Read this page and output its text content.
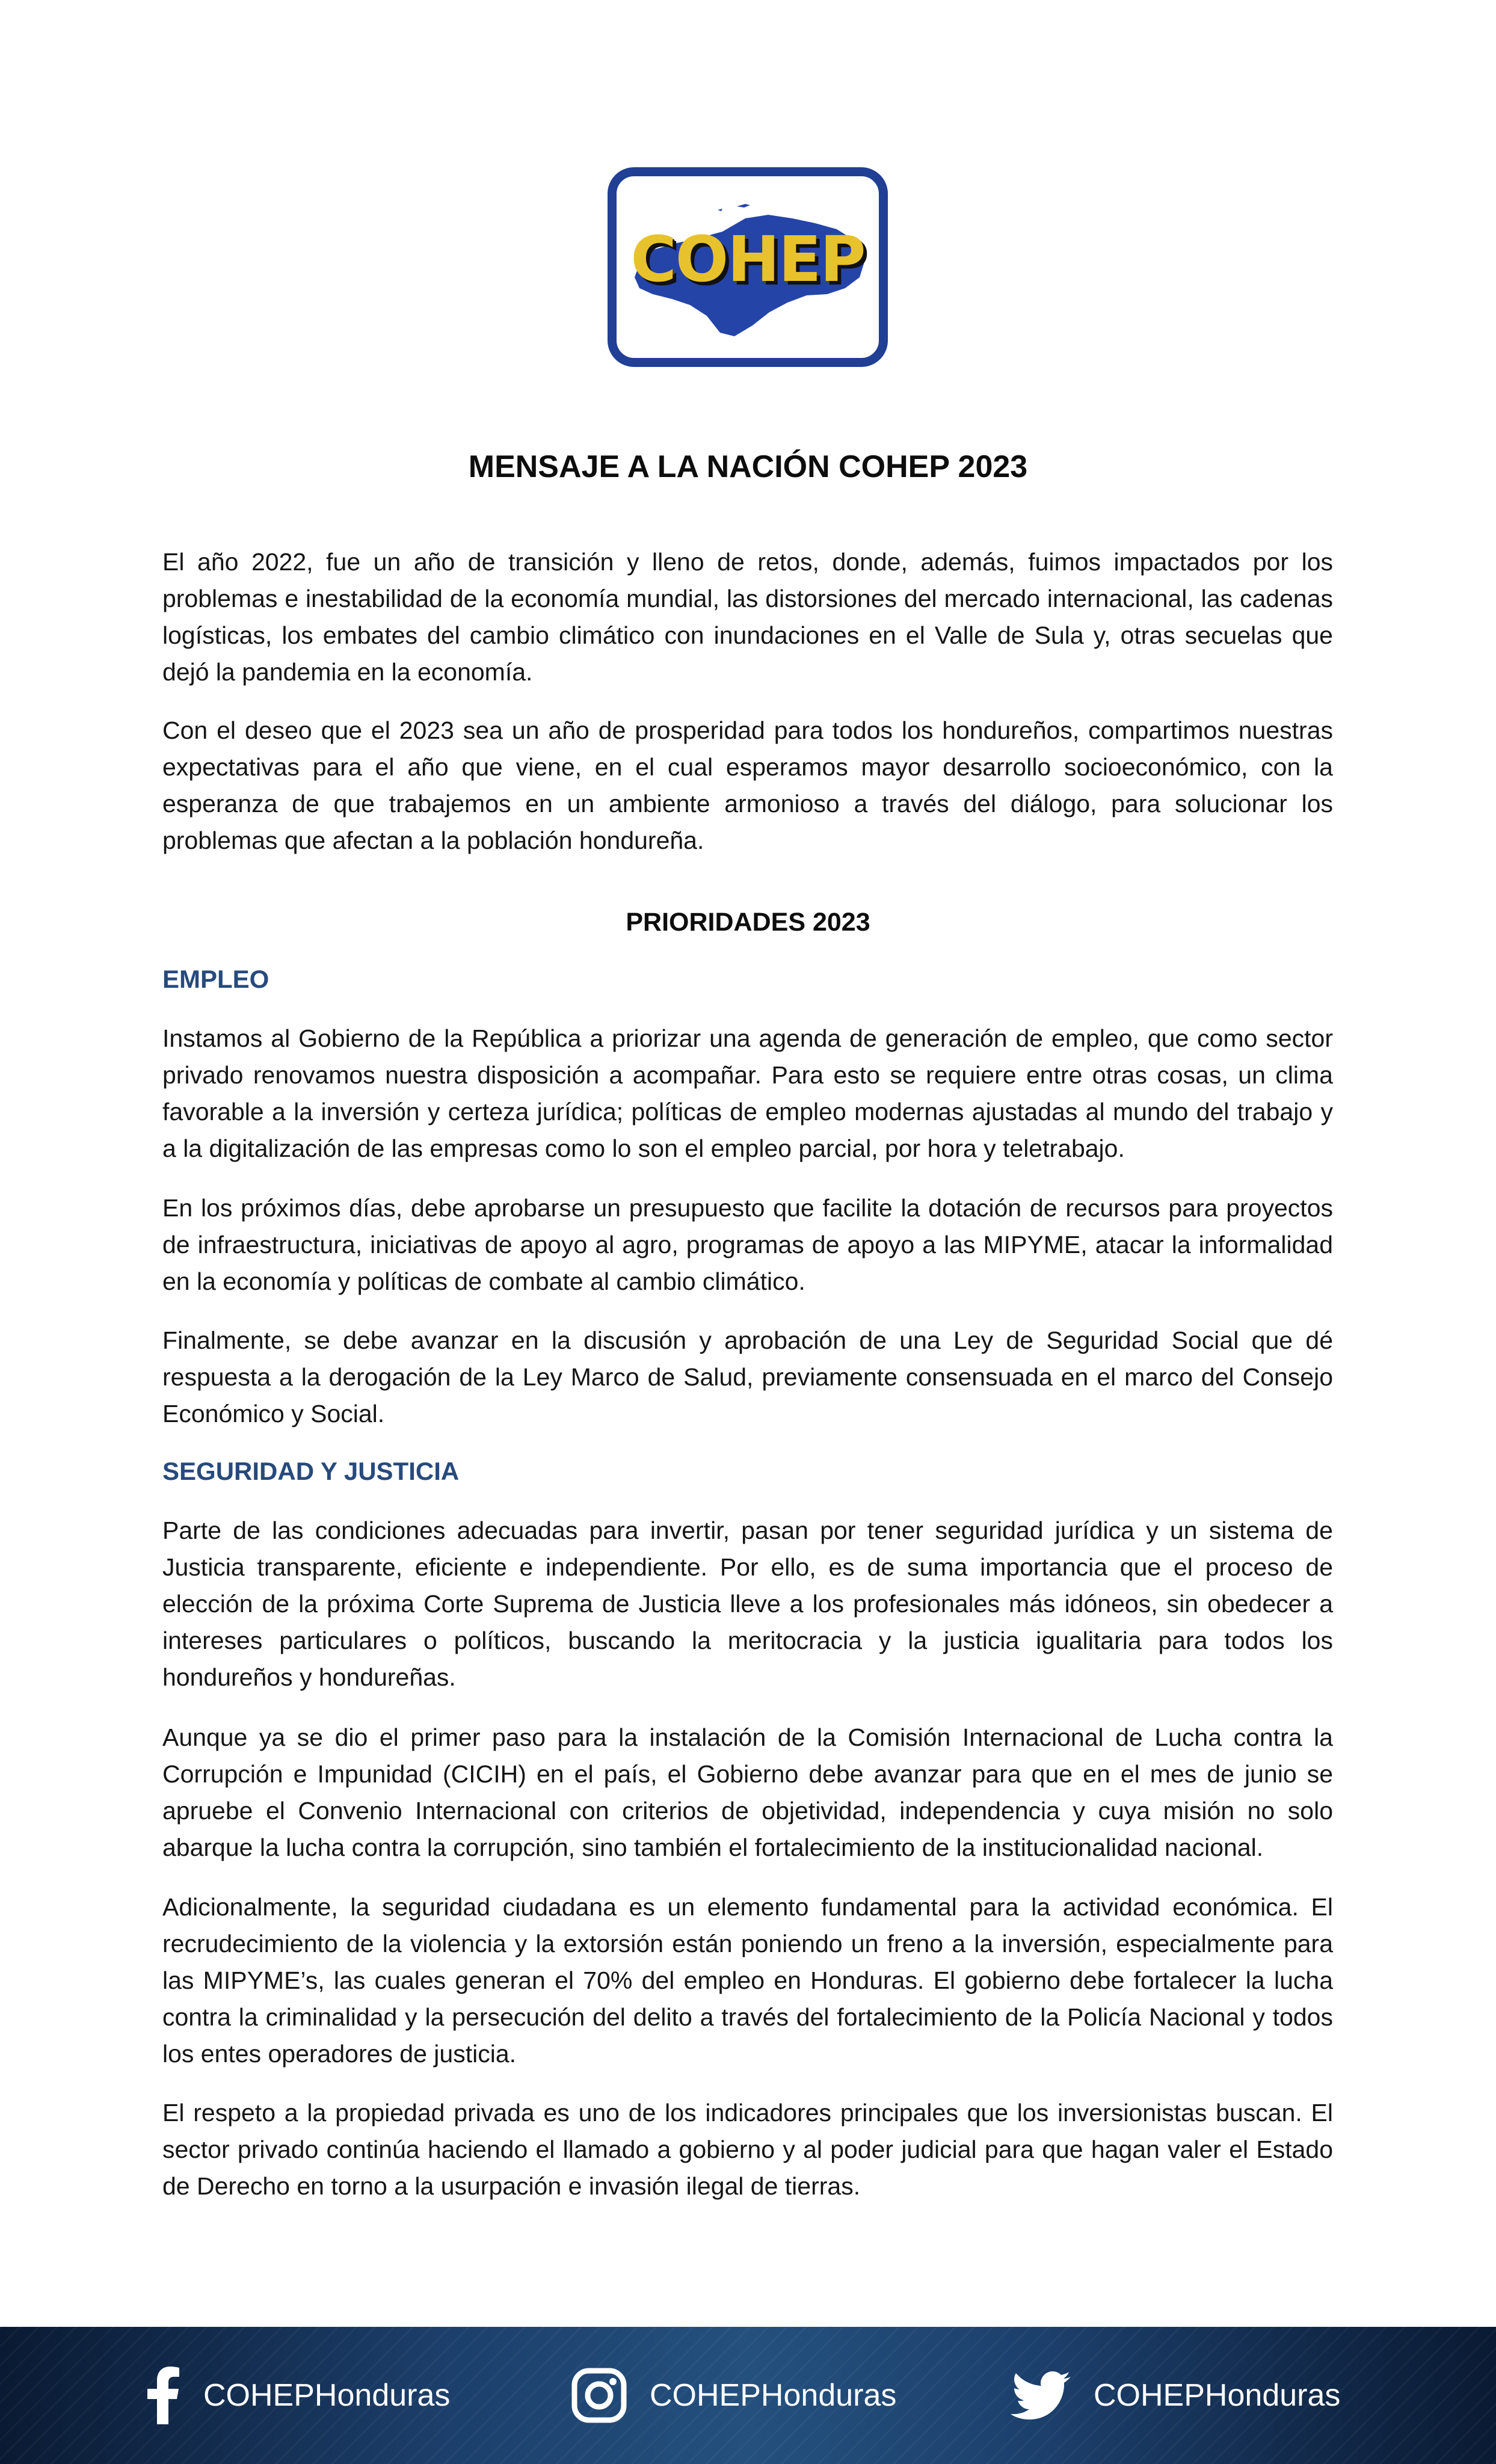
COHEP
MENSAJE A LA NACIÓN COHEP 2023

El año 2022, fue un año de transición y lleno de retos, donde, además, fuimos impactados por los problemas e inestabilidad de la economía mundial, las distorsiones del mercado internacional, las cadenas logísticas, los embates del cambio climático con inundaciones en el Valle de Sula y, otras secuelas que dejó la pandemia en la economía.

Con el deseo que el 2023 sea un año de prosperidad para todos los hondureños, compartimos nuestras expectativas para el año que viene, en el cual esperamos mayor desarrollo socioeconómico, con la esperanza de que trabajemos en un ambiente armonioso a través del diálogo, para solucionar los problemas que afectan a la población hondureña.

PRIORIDADES 2023
EMPLEO

Instamos al Gobierno de la República a priorizar una agenda de generación de empleo, que como sector privado renovamos nuestra disposición a acompañar. Para esto se requiere entre otras cosas, un clima favorable a la inversión y certeza jurídica; políticas de empleo modernas ajustadas al mundo del trabajo y a la digitalización de las empresas como lo son el empleo parcial, por hora y teletrabajo.

En los próximos días, debe aprobarse un presupuesto que facilite la dotación de recursos para proyectos de infraestructura, iniciativas de apoyo al agro, programas de apoyo a las MIPYME, atacar la informalidad en la economía y políticas de combate al cambio climático.

Finalmente, se debe avanzar en la discusión y aprobación de una Ley de Seguridad Social que dé respuesta a la derogación de la Ley Marco de Salud, previamente consensuada en el marco del Consejo Económico y Social.

SEGURIDAD Y JUSTICIA

Parte de las condiciones adecuadas para invertir, pasan por tener seguridad jurídica y un sistema de Justicia transparente, eficiente e independiente. Por ello, es de suma importancia que el proceso de elección de la próxima Corte Suprema de Justicia lleve a los profesionales más idóneos, sin obedecer a intereses particulares o políticos, buscando la meritocracia y la justicia igualitaria para todos los hondureños y hondureñas.

Aunque ya se dio el primer paso para la instalación de la Comisión Internacional de Lucha contra la Corrupción e Impunidad (CICIH) en el país, el Gobierno debe avanzar para que en el mes de junio se apruebe el Convenio Internacional con criterios de objetividad, independencia y cuya misión no solo abarque la lucha contra la corrupción, sino también el fortalecimiento de la institucionalidad nacional.

Adicionalmente, la seguridad ciudadana es un elemento fundamental para la actividad económica. El recrudecimiento de la violencia y la extorsión están poniendo un freno a la inversión, especialmente para las MIPYME’s, las cuales generan el 70% del empleo en Honduras. El gobierno debe fortalecer la lucha contra la criminalidad y la persecución del delito a través del fortalecimiento de la Policía Nacional y todos los entes operadores de justicia.

El respeto a la propiedad privada es uno de los indicadores principales que los inversionistas buscan. El sector privado continúa haciendo el llamado a gobierno y al poder judicial para que hagan valer el Estado de Derecho en torno a la usurpación e invasión ilegal de tierras.

COHEPHonduras	COHEPHonduras	COHEPHonduras
